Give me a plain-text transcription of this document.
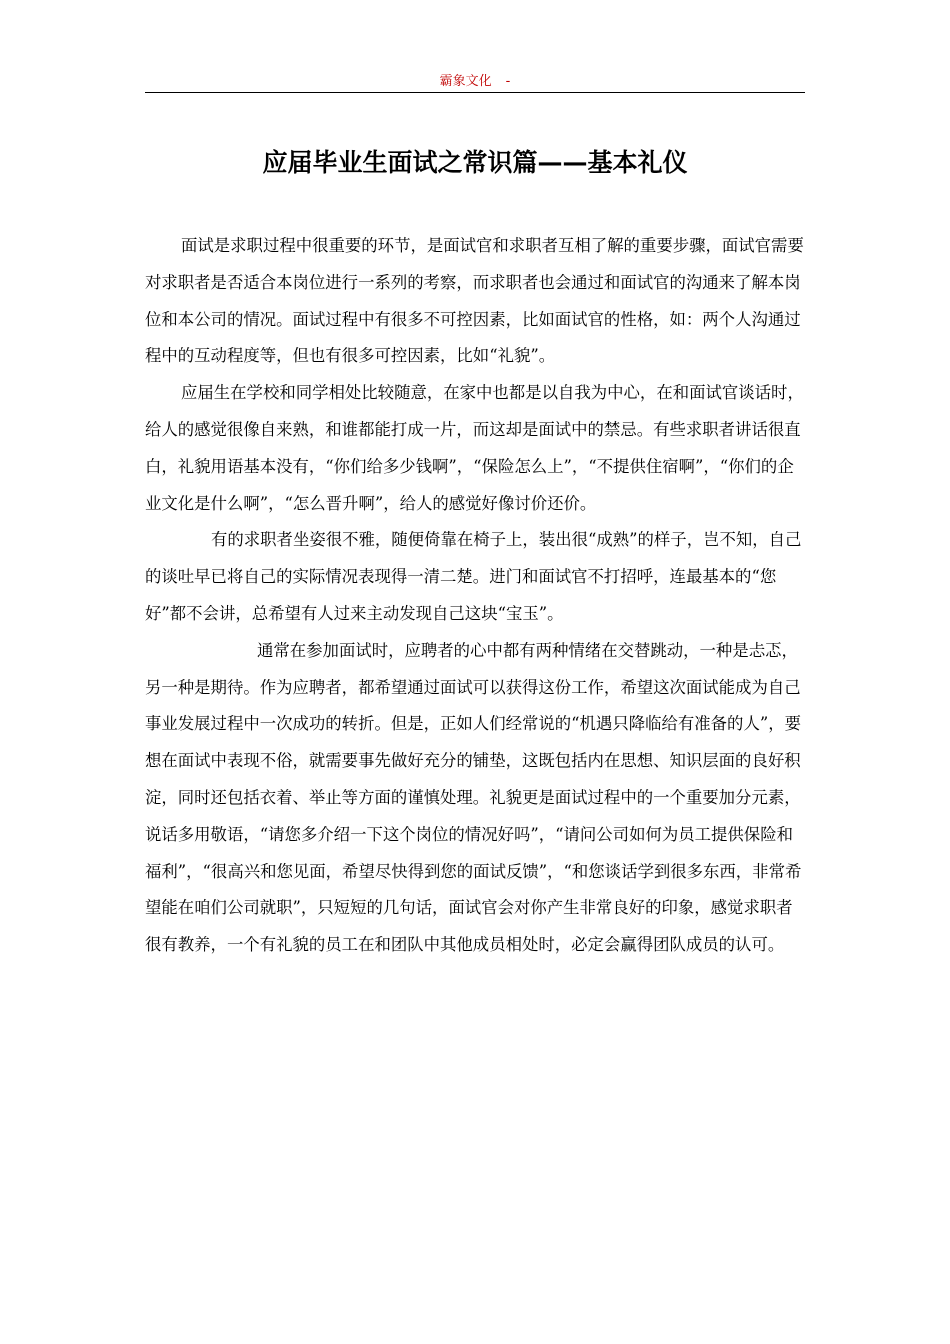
霸象文化 -
应届毕业生面试之常识篇——基本礼仪

面试是求职过程中很重要的环节，是面试官和求职者互相了解的重要步骤，面试官需要对求职者是否适合本岗位进行一系列的考察，而求职者也会通过和面试官的沟通来了解本岗位和本公司的情况。面试过程中有很多不可控因素，比如面试官的性格，如：两个人沟通过程中的互动程度等，但也有很多可控因素，比如“礼貌”。

应届生在学校和同学相处比较随意，在家中也都是以自我为中心，在和面试官谈话时，给人的感觉很像自来熟，和谁都能打成一片，而这却是面试中的禁忌。有些求职者讲话很直白，礼貌用语基本没有，“你们给多少钱啊”，“保险怎么上”，“不提供住宿啊”，“你们的企业文化是什么啊”，“怎么晋升啊”，给人的感觉好像讨价还价。

有的求职者坐姿很不雅，随便倚靠在椅子上，装出很“成熟”的样子，岂不知，自己的谈吐早已将自己的实际情况表现得一清二楚。进门和面试官不打招呼，连最基本的“您好”都不会讲，总希望有人过来主动发现自己这块“宝玉”。

通常在参加面试时，应聘者的心中都有两种情绪在交替跳动，一种是忐忑，另一种是期待。作为应聘者，都希望通过面试可以获得这份工作，希望这次面试能成为自己事业发展过程中一次成功的转折。但是，正如人们经常说的“机遇只降临给有准备的人”，要想在面试中表现不俗，就需要事先做好充分的铺垫，这既包括内在思想、知识层面的良好积淀，同时还包括衣着、举止等方面的谨慎处理。礼貌更是面试过程中的一个重要加分元素，说话多用敬语，“请您多介绍一下这个岗位的情况好吗”，“请问公司如何为员工提供保险和福利”，“很高兴和您见面，希望尽快得到您的面试反馈”，“和您谈话学到很多东西，非常希望能在咱们公司就职”，只短短的几句话，面试官会对你产生非常良好的印象，感觉求职者很有教养，一个有礼貌的员工在和团队中其他成员相处时，必定会赢得团队成员的认可。
